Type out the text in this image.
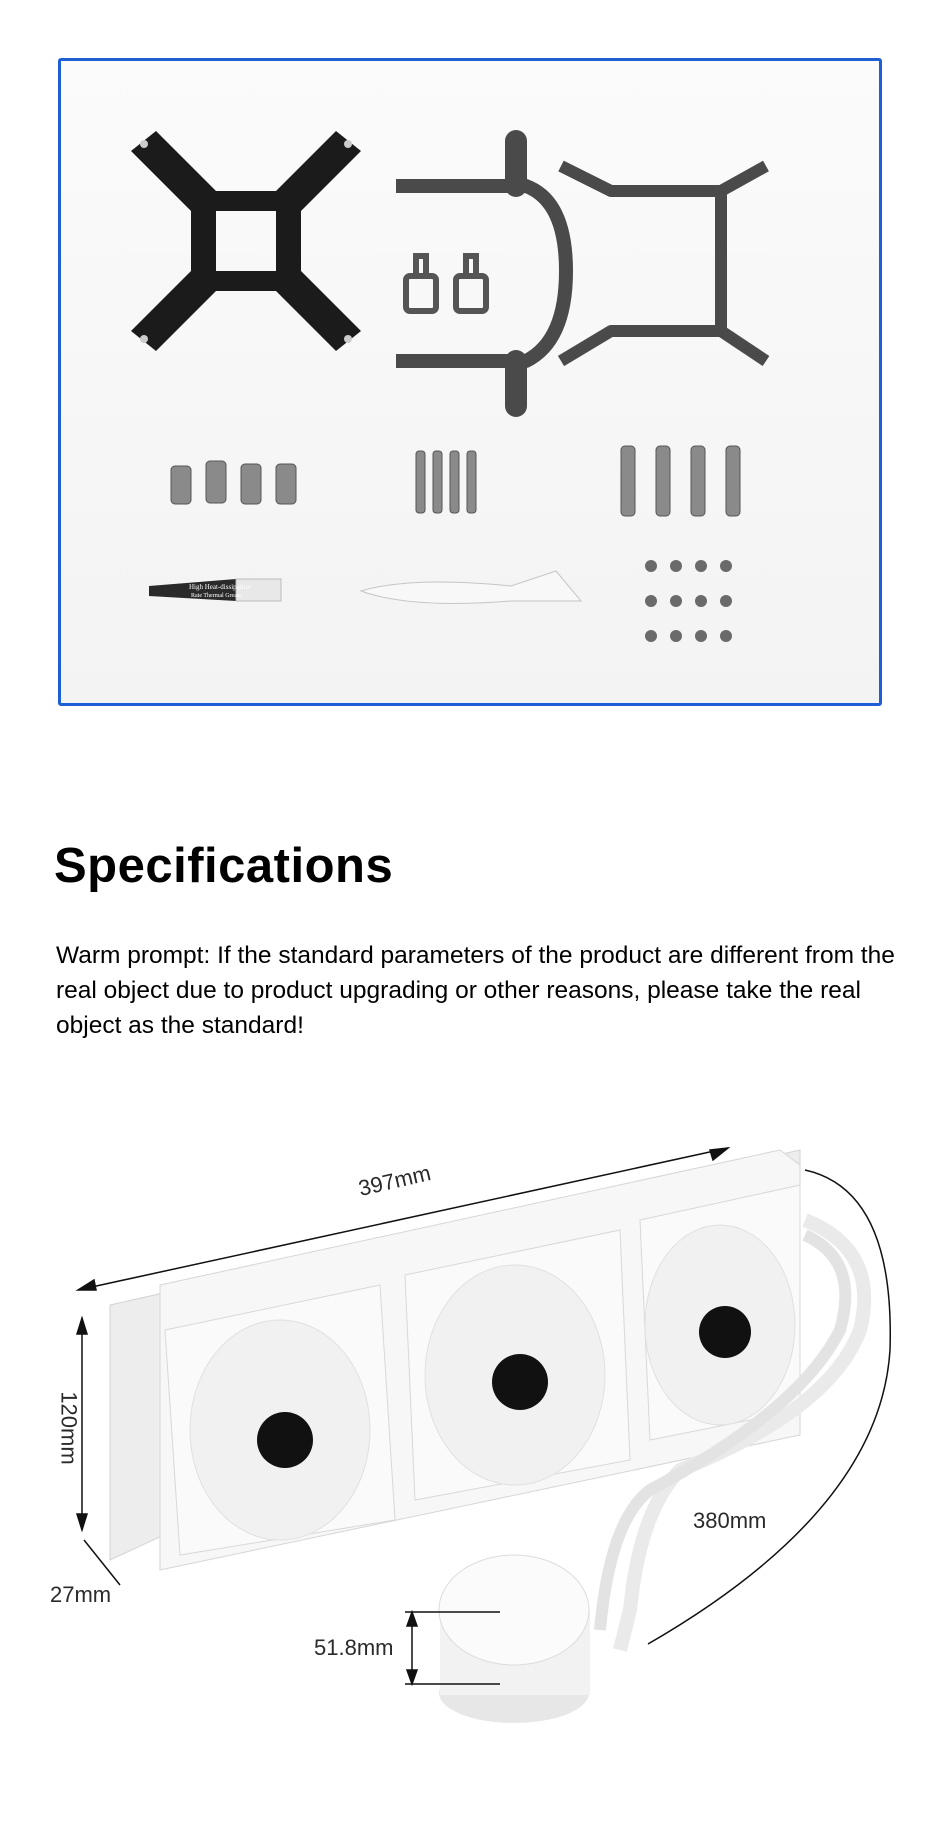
High Heat-dissipation
Rate Thermal Grease
Specifications

Warm prompt: If the standard parameters of the product are different from the real object due to product upgrading or other reasons, please take the real object as the standard!

397mm
120mm
27mm
380mm
51.8mm
